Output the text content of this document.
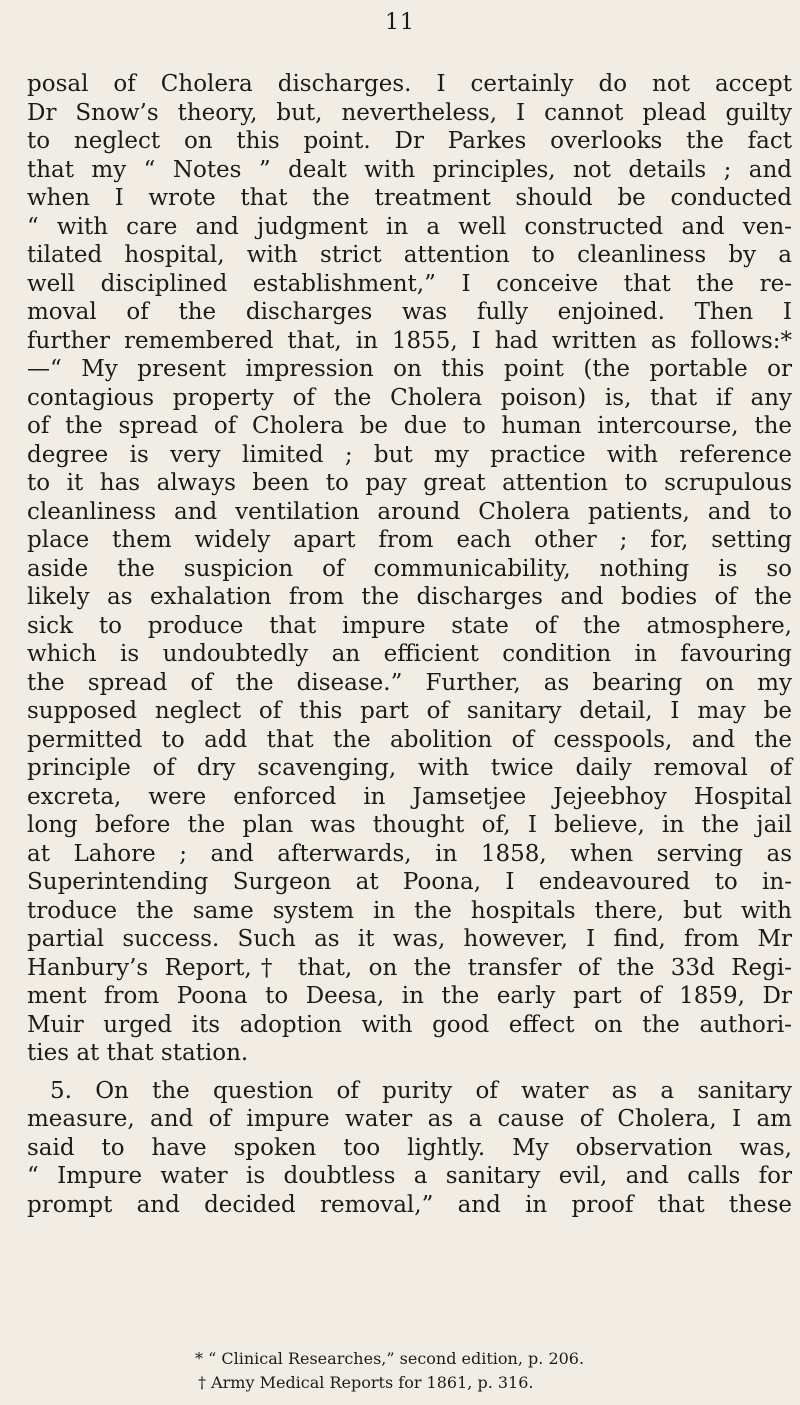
11
posal of Cholera discharges. I certainly do not accept
Dr Snow’s theory, but, nevertheless, I cannot plead guilty
to neglect on this point. Dr Parkes overlooks the fact
that my “ Notes ” dealt with principles, not details ; and
when I wrote that the treatment should be conducted
“ with care and judgment in a well constructed and ven-
tilated hospital, with strict attention to cleanliness by a
well disciplined establishment,” I conceive that the re-
moval of the discharges was fully enjoined. Then I
further remembered that, in 1855, I had written as follows:*
—“ My present impression on this point (the portable or
contagious property of the Cholera poison) is, that if any
of the spread of Cholera be due to human intercourse, the
degree is very limited ; but my practice with reference
to it has always been to pay great attention to scrupulous
cleanliness and ventilation around Cholera patients, and to
place them widely apart from each other ; for, setting
aside the suspicion of communicability, nothing is so
likely as exhalation from the discharges and bodies of the
sick to produce that impure state of the atmosphere,
which is undoubtedly an efficient condition in favouring
the spread of the disease.” Further, as bearing on my
supposed neglect of this part of sanitary detail, I may be
permitted to add that the abolition of cesspools, and the
principle of dry scavenging, with twice daily removal of
excreta, were enforced in Jamsetjee Jejeebhoy Hospital
long before the plan was thought of, I believe, in the jail
at Lahore ; and afterwards, in 1858, when serving as
Superintending Surgeon at Poona, I endeavoured to in-
troduce the same system in the hospitals there, but with
partial success. Such as it was, however, I find, from Mr
Hanbury’s Report,† that, on the transfer of the 33d Regi-
ment from Poona to Deesa, in the early part of 1859, Dr
Muir urged its adoption with good effect on the authori-
ties at that station.
5. On the question of purity of water as a sanitary
measure, and of impure water as a cause of Cholera, I am
said to have spoken too lightly. My observation was,
“ Impure water is doubtless a sanitary evil, and calls for
prompt and decided removal,” and in proof that these
* “ Clinical Researches,” second edition, p. 206.
† Army Medical Reports for 1861, p. 316.
